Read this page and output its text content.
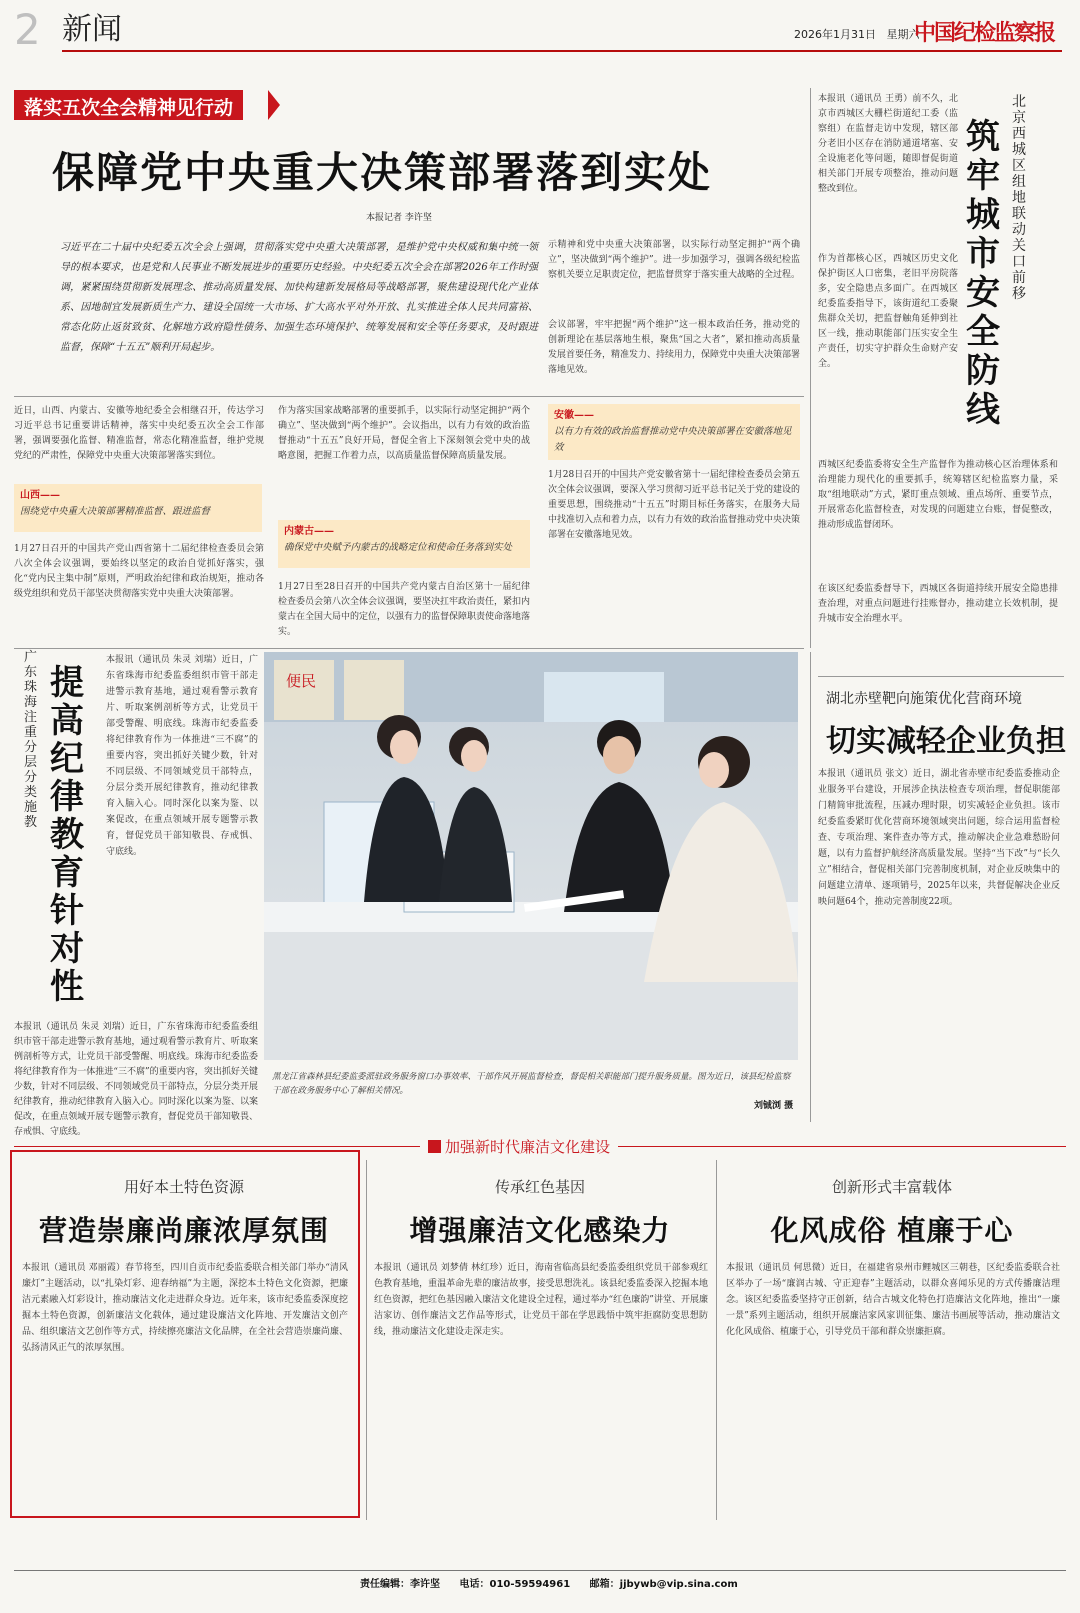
2 新闻	2026年1月31日 星期六
中国纪检监察报
落实五次全会精神见行动
保障党中央重大决策部署落到实处
本报记者 李许坚
习近平在二十届中央纪委五次全会上强调，贯彻落实党中央重大决策部署，是维护党中央权威和集中统一领导的根本要求，也是党和人民事业不断发展进步的重要历史经验。中央纪委五次全会在部署2026年工作时强调，紧紧围绕贯彻新发展理念、推动高质量发展、加快构建新发展格局等战略部署，聚焦建设现代化产业体系、因地制宜发展新质生产力、建设全国统一大市场、扩大高水平对外开放、扎实推进全体人民共同富裕、常态化防止返贫致贫、化解地方政府隐性债务、加强生态环境保护、统筹发展和安全等任务要求，及时跟进监督，保障“十五五”顺利开局起步。
示精神和党中央重大决策部署，以实际行动坚定拥护“两个确立”，坚决做到“两个维护”。进一步加强学习，强调各级纪检监察机关要立足职责定位，把监督贯穿于落实重大战略的全过程。
会议部署，牢牢把握“两个维护”这一根本政治任务，推动党的创新理论在基层落地生根，聚焦“国之大者”，紧扣推动高质量发展首要任务，精准发力、持续用力，保障党中央重大决策部署落地见效。
近日，山西、内蒙古、安徽等地纪委全会相继召开，传达学习习近平总书记重要讲话精神，落实中央纪委五次全会工作部署，强调要强化监督、精准监督，常态化精准监督，维护党规党纪的严肃性，保障党中央重大决策部署落实到位。
山西——
围绕党中央重大决策部署精准监督、跟进监督
1月27日召开的中国共产党山西省第十二届纪律检查委员会第八次全体会议强调，要始终以坚定的政治自觉抓好落实，强化“党内民主集中制”原则，严明政治纪律和政治规矩，推动各级党组织和党员干部坚决贯彻落实党中央重大决策部署。
作为落实国家战略部署的重要抓手，以实际行动坚定拥护“两个确立”、坚决做到“两个维护”。会议指出，以有力有效的政治监督推动“十五五”良好开局，督促全省上下深刻领会党中央的战略意图，把握工作着力点，以高质量监督保障高质量发展。
内蒙古——
确保党中央赋予内蒙古的战略定位和使命任务落到实处
1月27日至28日召开的中国共产党内蒙古自治区第十一届纪律检查委员会第八次全体会议强调，要坚决扛牢政治责任，紧扣内蒙古在全国大局中的定位，以强有力的监督保障职责使命落地落实。
安徽——
以有力有效的政治监督推动党中央决策部署在安徽落地见效
1月28日召开的中国共产党安徽省第十一届纪律检查委员会第五次全体会议强调，要深入学习贯彻习近平总书记关于党的建设的重要思想，围绕推动“十五五”时期目标任务落实，在服务大局中找准切入点和着力点，以有力有效的政治监督推动党中央决策部署在安徽落地见效。
本报讯（通讯员 王勇）前不久，北京市西城区大栅栏街道纪工委（监察组）在监督走访中发现，辖区部分老旧小区存在消防通道堵塞、安全设施老化等问题，随即督促街道相关部门开展专项整治，推动问题整改到位。
作为首都核心区，西城区历史文化保护街区人口密集，老旧平房院落多，安全隐患点多面广。在西城区纪委监委指导下，该街道纪工委聚焦群众关切，把监督触角延伸到社区一线，推动职能部门压实安全生产责任，切实守护群众生命财产安全。
北京西城区组地联动关口前移
筑牢城市安全防线
西城区纪委监委将安全生产监督作为推动核心区治理体系和治理能力现代化的重要抓手，统筹辖区纪检监察力量，采取“组地联动”方式，紧盯重点领域、重点场所、重要节点，开展常态化监督检查，对发现的问题建立台账，督促整改，推动形成监督闭环。
在该区纪委监委督导下，西城区各街道持续开展安全隐患排查治理，对重点问题进行挂账督办，推动建立长效机制，提升城市安全治理水平。
湖北赤壁靶向施策优化营商环境
切实减轻企业负担
本报讯（通讯员 张文）近日，湖北省赤壁市纪委监委推动企业服务平台建设，开展涉企执法检查专项治理，督促职能部门精简审批流程，压减办理时限，切实减轻企业负担。该市纪委监委紧盯优化营商环境领域突出问题，综合运用监督检查、专项治理、案件查办等方式，推动解决企业急难愁盼问题，以有力监督护航经济高质量发展。坚持“当下改”与“长久立”相结合，督促相关部门完善制度机制，对企业反映集中的问题建立清单、逐项销号，2025年以来，共督促解决企业反映问题64个，推动完善制度22项。
广东珠海注重分层分类施教
提高纪律教育针对性
本报讯（通讯员 朱灵 刘瑞）近日，广东省珠海市纪委监委组织市管干部走进警示教育基地，通过观看警示教育片、听取案例剖析等方式，让党员干部受警醒、明底线。珠海市纪委监委将纪律教育作为一体推进“三不腐”的重要内容，突出抓好关键少数，针对不同层级、不同领域党员干部特点，分层分类开展纪律教育，推动纪律教育入脑入心。同时深化以案为鉴、以案促改，在重点领域开展专题警示教育，督促党员干部知敬畏、存戒惧、守底线。
本报讯（通讯员 朱灵 刘瑞）近日，广东省珠海市纪委监委组织市管干部走进警示教育基地，通过观看警示教育片、听取案例剖析等方式，让党员干部受警醒、明底线。珠海市纪委监委将纪律教育作为一体推进“三不腐”的重要内容，突出抓好关键少数，针对不同层级、不同领域党员干部特点，分层分类开展纪律教育，推动纪律教育入脑入心。同时深化以案为鉴、以案促改，在重点领域开展专题警示教育，督促党员干部知敬畏、存戒惧、守底线。
便民
黑龙江省森林县纪委监委派驻政务服务窗口办事效率、干部作风开展监督检查，督促相关职能部门提升服务质量。图为近日，该县纪检监察干部在政务服务中心了解相关情况。
刘铖浏 摄
加强新时代廉洁文化建设
用好本土特色资源
营造崇廉尚廉浓厚氛围
本报讯（通讯员 邓丽霞）春节将至，四川自贡市纪委监委联合相关部门举办“清风廉灯”主题活动，以“扎染灯彩、迎春纳福”为主题，深挖本土特色文化资源，把廉洁元素融入灯彩设计，推动廉洁文化走进群众身边。近年来，该市纪委监委深度挖掘本土特色资源，创新廉洁文化载体，通过建设廉洁文化阵地、开发廉洁文创产品、组织廉洁文艺创作等方式，持续擦亮廉洁文化品牌，在全社会营造崇廉尚廉、弘扬清风正气的浓厚氛围。
传承红色基因
增强廉洁文化感染力
本报讯（通讯员 刘梦倩 林红珍）近日，海南省临高县纪委监委组织党员干部参观红色教育基地，重温革命先辈的廉洁故事，接受思想洗礼。该县纪委监委深入挖掘本地红色资源，把红色基因融入廉洁文化建设全过程，通过举办“红色廉韵”讲堂、开展廉洁家访、创作廉洁文艺作品等形式，让党员干部在学思践悟中筑牢拒腐防变思想防线，推动廉洁文化建设走深走实。
创新形式丰富载体
化风成俗 植廉于心
本报讯（通讯员 何思微）近日，在福建省泉州市鲤城区三朝巷，区纪委监委联合社区举办了一场“廉润古城、守正迎春”主题活动，以群众喜闻乐见的方式传播廉洁理念。该区纪委监委坚持守正创新，结合古城文化特色打造廉洁文化阵地，推出“一廉一景”系列主题活动，组织开展廉洁家风家训征集、廉洁书画展等活动，推动廉洁文化化风成俗、植廉于心，引导党员干部和群众崇廉拒腐。
责任编辑：李许坚 电话：010-59594961 邮箱：jjbywb@vip.sina.com
